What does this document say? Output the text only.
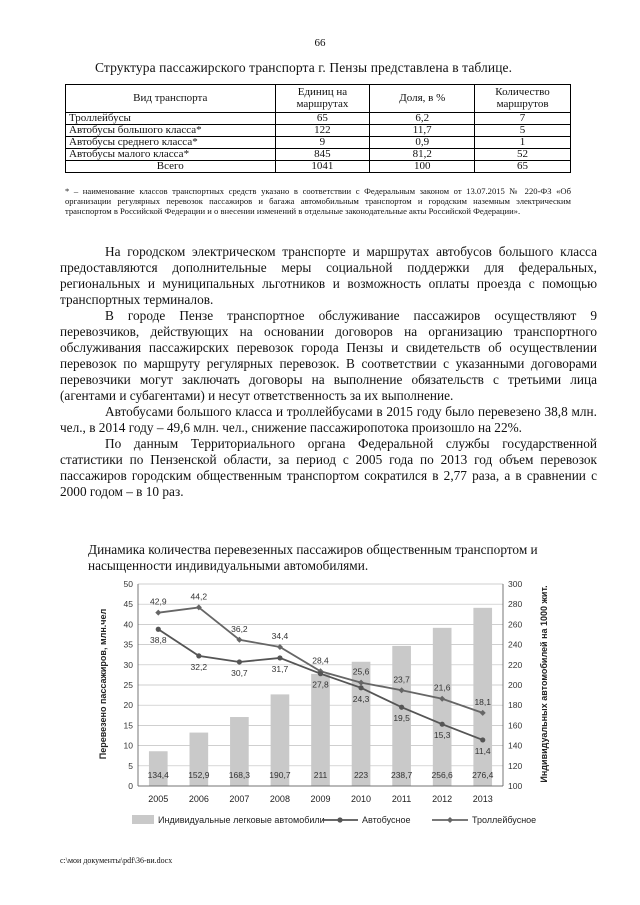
66
Структура пассажирского транспорта г. Пензы представлена в таблице.
Вид транспорта	Единиц на маршрутах	Доля, в %	Количество маршрутов
Троллейбусы	65	6,2	7
Автобусы большого класса*	122	11,7	5
Автобусы среднего класса*	9	0,9	1
Автобусы малого класса*	845	81,2	52
Всего	1041	100	65
* – наименование классов транспортных средств указано в соответствии с Федеральным законом от 13.07.2015 № 220-ФЗ «Об организации регулярных перевозок пассажиров и багажа автомобильным транспортом и городским наземным электрическим транспортом в Российской Федерации и о внесении изменений в отдельные законодательные акты Российской Федерации».

На городском электрическом транспорте и маршрутах автобусов большого класса предоставляются дополнительные меры социальной поддержки для федеральных, региональных и муниципальных льготников и возможность оплаты проезда с помощью транспортных терминалов.

В городе Пензе транспортное обслуживание пассажиров осуществляют 9 перевозчиков, действующих на основании договоров на организацию транспортного обслуживания пассажирских перевозок города Пензы и свидетельств об осуществлении перевозок по маршруту регулярных перевозок. В соответствии с указанными договорами перевозчики могут заключать договоры на выполнение обязательств с третьими лица (агентами и субагентами) и несут ответственность за их выполнение.

Автобусами большого класса и троллейбусами в 2015 году было перевезено 38,8 млн. чел., в 2014 году – 49,6 млн. чел., снижение пассажиропотока произошло на 22%.

По данным Территориального органа Федеральной службы государственной статистики по Пензенской области, за период с 2005 года по 2013 год объем перевозок пассажиров городским общественным транспортом сократился в 2,77 раза, а в сравнении с 2000 годом – в 10 раз.

Динамика количества перевезенных пассажиров общественным транспортом и насыщенности индивидуальными автомобилями.
Перевезено пассажиров, млн.чел	Индивидуальных автомобилей на 1000 жит.
0
5
10
15
20
25
30
35
40
45
50
100
120
140
160
180
200
220
240
260
280
300
2005 2006 2007 2008 2009 2010 2011 2012 2013
134,4 152,9 168,3 190,7	211	223	238,7 256,6 276,4
42,9
44,2
36,2
34,4
28,4
25,6
23,7
21,6
18,1
38,8
32,2
30,7	31,7
27,8
24,3
19,5
15,3
11,4
Индивидуальные легковые автомобили	Автобусное	Троллейбусное
c:\мои документы\pdf\36-ви.docx
